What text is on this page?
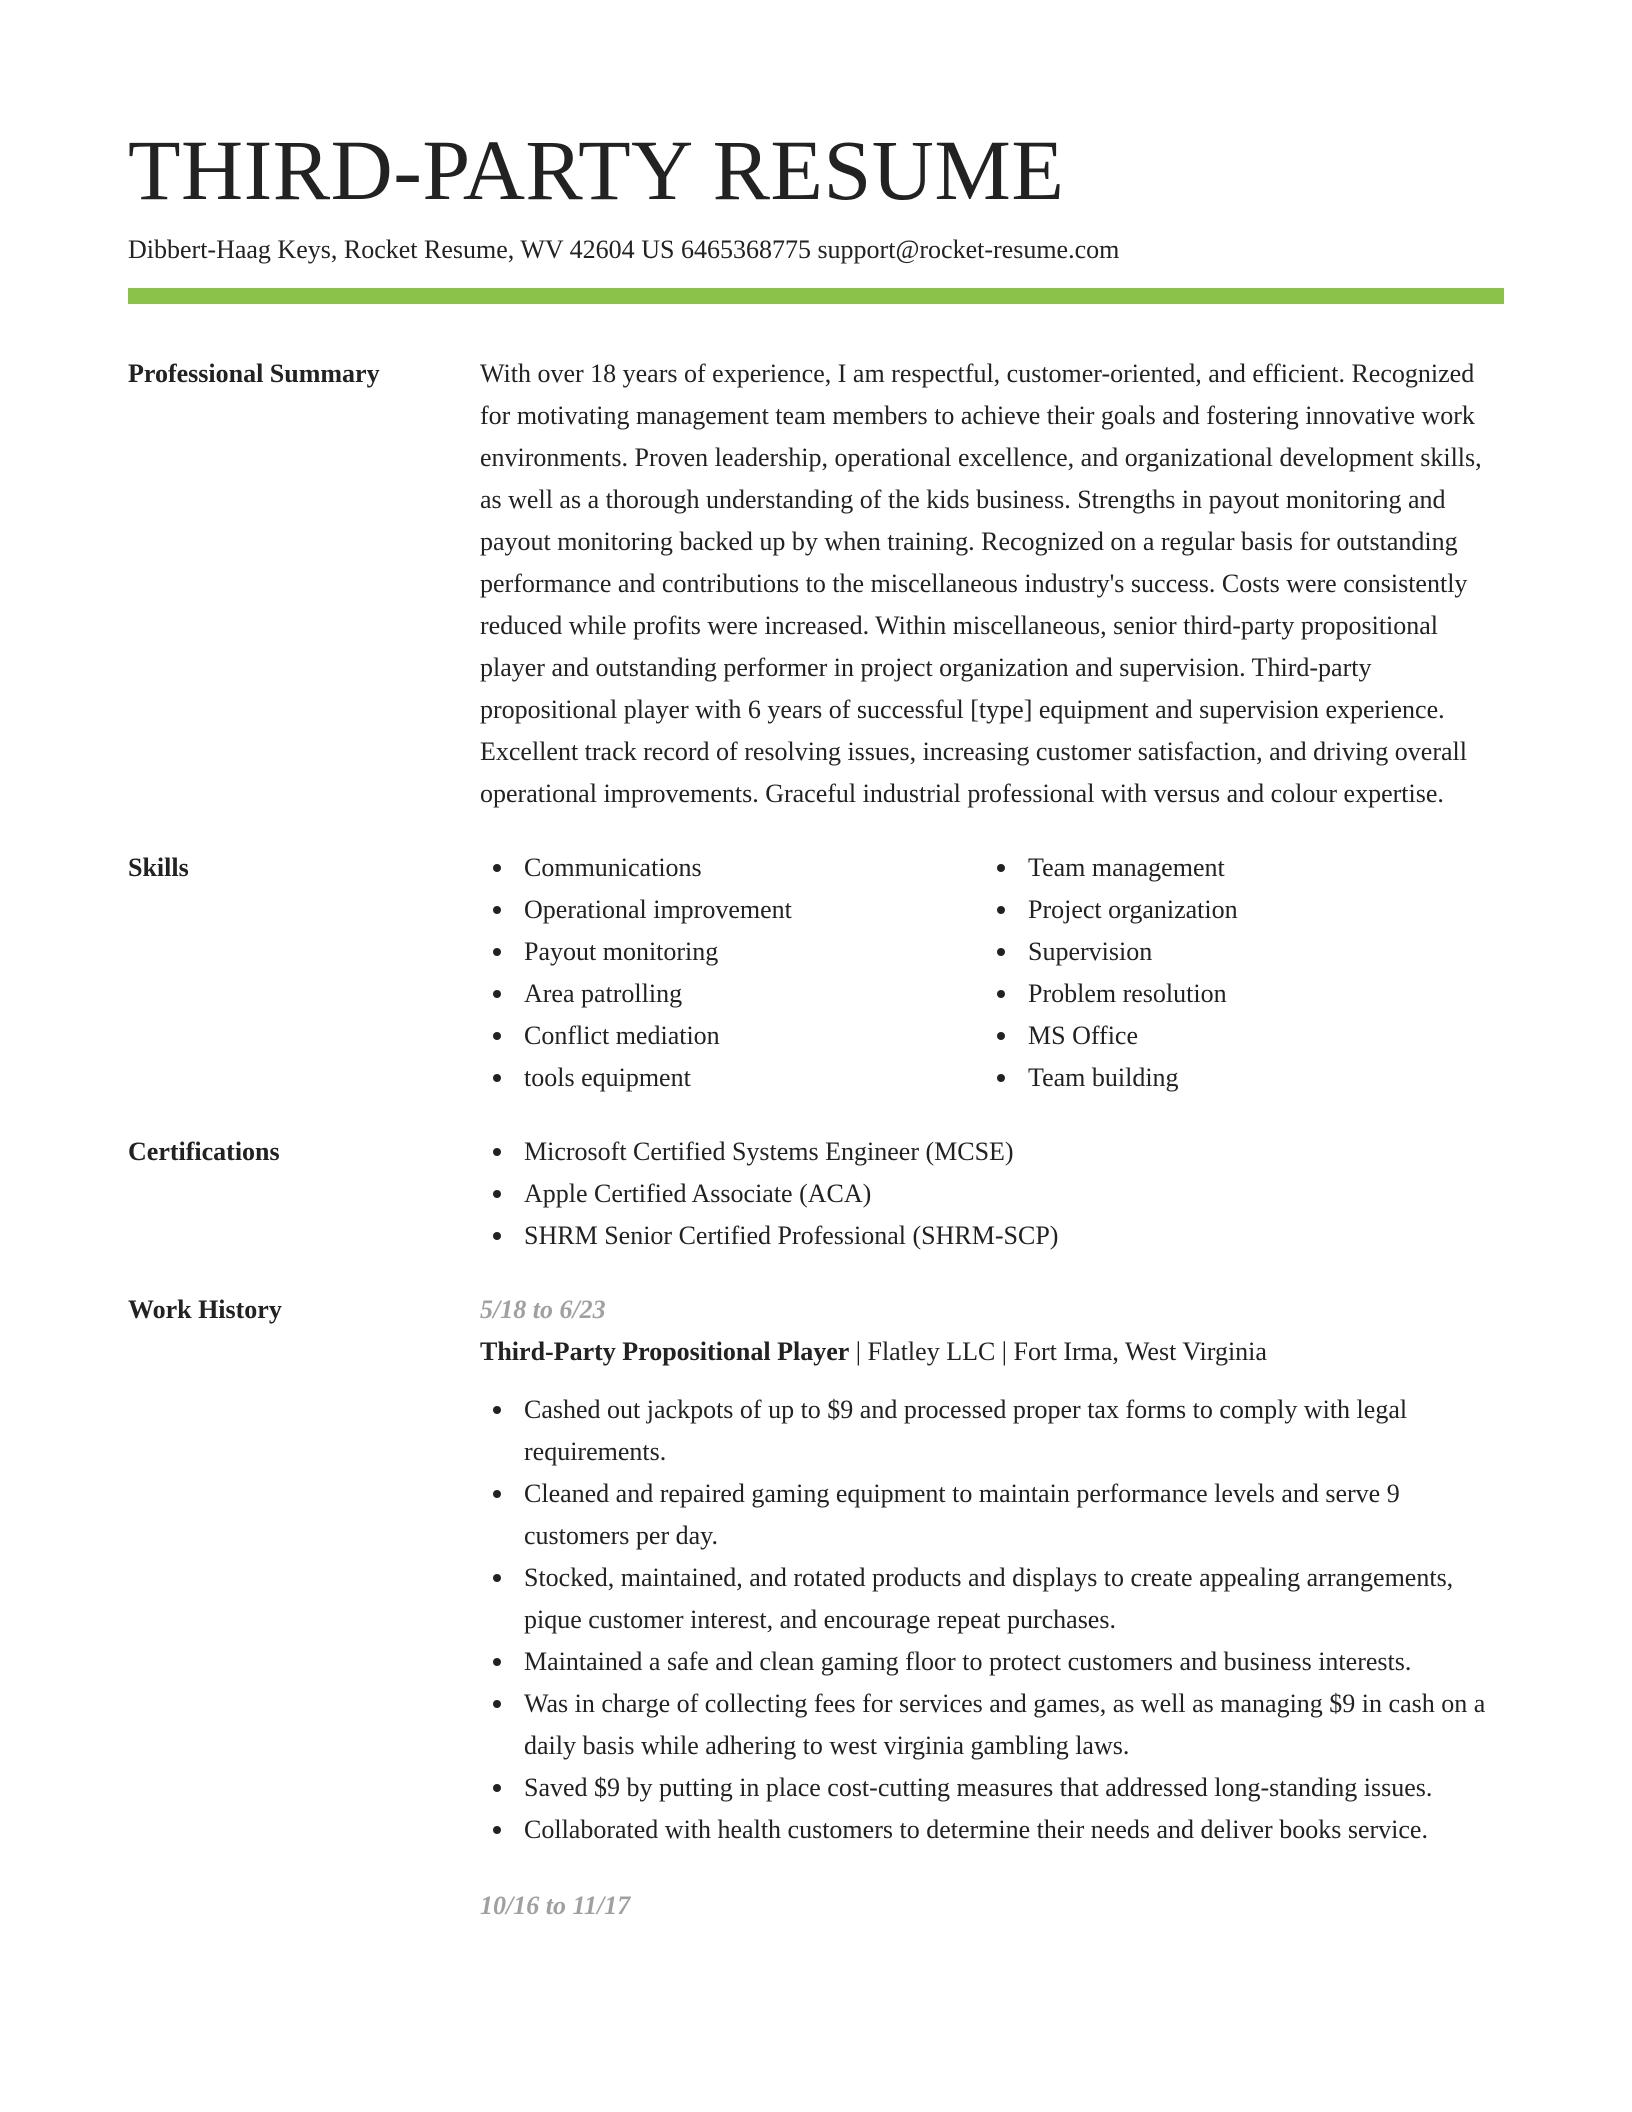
THIRD-PARTY RESUME
Dibbert-Haag Keys, Rocket Resume, WV 42604 US 6465368775 support@rocket-resume.com
Professional Summary	With over 18 years of experience, I am respectful, customer-oriented, and efficient. Recognized for motivating management team members to achieve their goals and fostering innovative work environments. Proven leadership, operational excellence, and organizational development skills, as well as a thorough understanding of the kids business. Strengths in payout monitoring and payout monitoring backed up by when training. Recognized on a regular basis for outstanding performance and contributions to the miscellaneous industry's success. Costs were consistently reduced while profits were increased. Within miscellaneous, senior third-party propositional player and outstanding performer in project organization and supervision. Third-party propositional player with 6 years of successful [type] equipment and supervision experience. Excellent track record of resolving issues, increasing customer satisfaction, and driving overall operational improvements. Graceful industrial professional with versus and colour expertise.

Skills	Communications
Operational improvement
Payout monitoring
Area patrolling
Conflict mediation
tools equipment
Team management
Project organization
Supervision
Problem resolution
MS Office
Team building
Certifications	Microsoft Certified Systems Engineer (MCSE)
Apple Certified Associate (ACA)
SHRM Senior Certified Professional (SHRM-SCP)
Work History	5/18 to 6/23
Third-Party Propositional Player | Flatley LLC | Fort Irma, West Virginia
Cashed out jackpots of up to $9 and processed proper tax forms to comply with legal requirements.
Cleaned and repaired gaming equipment to maintain performance levels and serve 9 customers per day.
Stocked, maintained, and rotated products and displays to create appealing arrangements, pique customer interest, and encourage repeat purchases.
Maintained a safe and clean gaming floor to protect customers and business interests.
Was in charge of collecting fees for services and games, as well as managing $9 in cash on a daily basis while adhering to west virginia gambling laws.
Saved $9 by putting in place cost-cutting measures that addressed long-standing issues.
Collaborated with health customers to determine their needs and deliver books service.
10/16 to 11/17
